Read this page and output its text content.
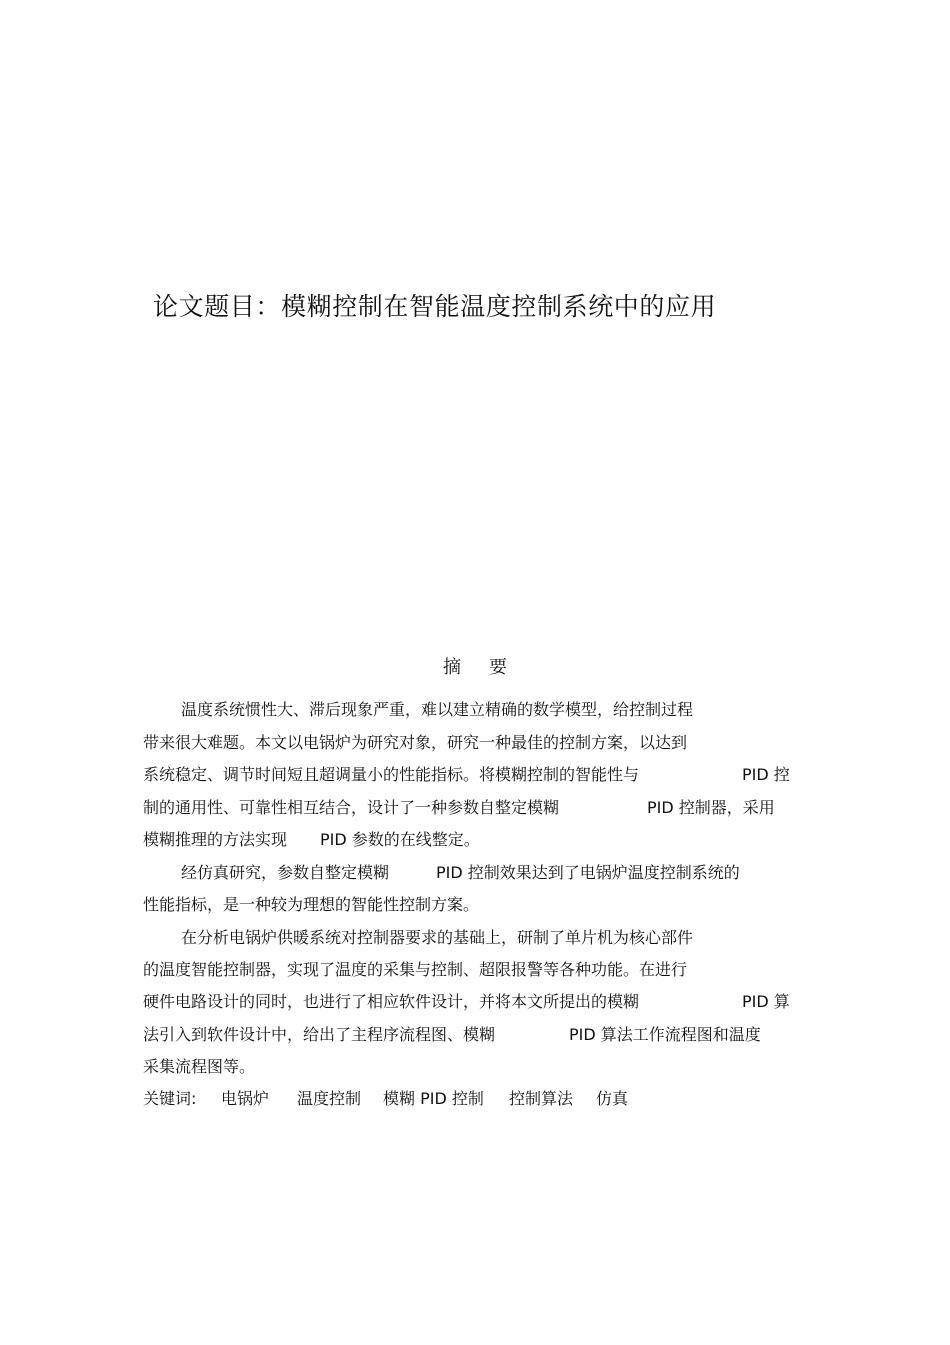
论文题目：模糊控制在智能温度控制系统中的应用
摘 要
温度系统惯性大、滞后现象严重，难以建立精确的数学模型，给控制过程
带来很大难题。本文以电锅炉为研究对象，研究一种最佳的控制方案，以达到
系统稳定、调节时间短且超调量小的性能指标。将模糊控制的智能性与	PID 控
制的通用性、可靠性相互结合，设计了一种参数自整定模糊	PID 控制器，采用
模糊推理的方法实现 PID 参数的在线整定。
经仿真研究，参数自整定模糊	PID 控制效果达到了电锅炉温度控制系统的
性能指标，是一种较为理想的智能性控制方案。
在分析电锅炉供暖系统对控制器要求的基础上，研制了单片机为核心部件
的温度智能控制器，实现了温度的采集与控制、超限报警等各种功能。在进行
硬件电路设计的同时，也进行了相应软件设计，并将本文所提出的模糊	PID 算
法引入到软件设计中，给出了主程序流程图、模糊	PID 算法工作流程图和温度
采集流程图等。
关键词: 电锅炉 温度控制 模糊 PID 控制 控制算法 仿真
